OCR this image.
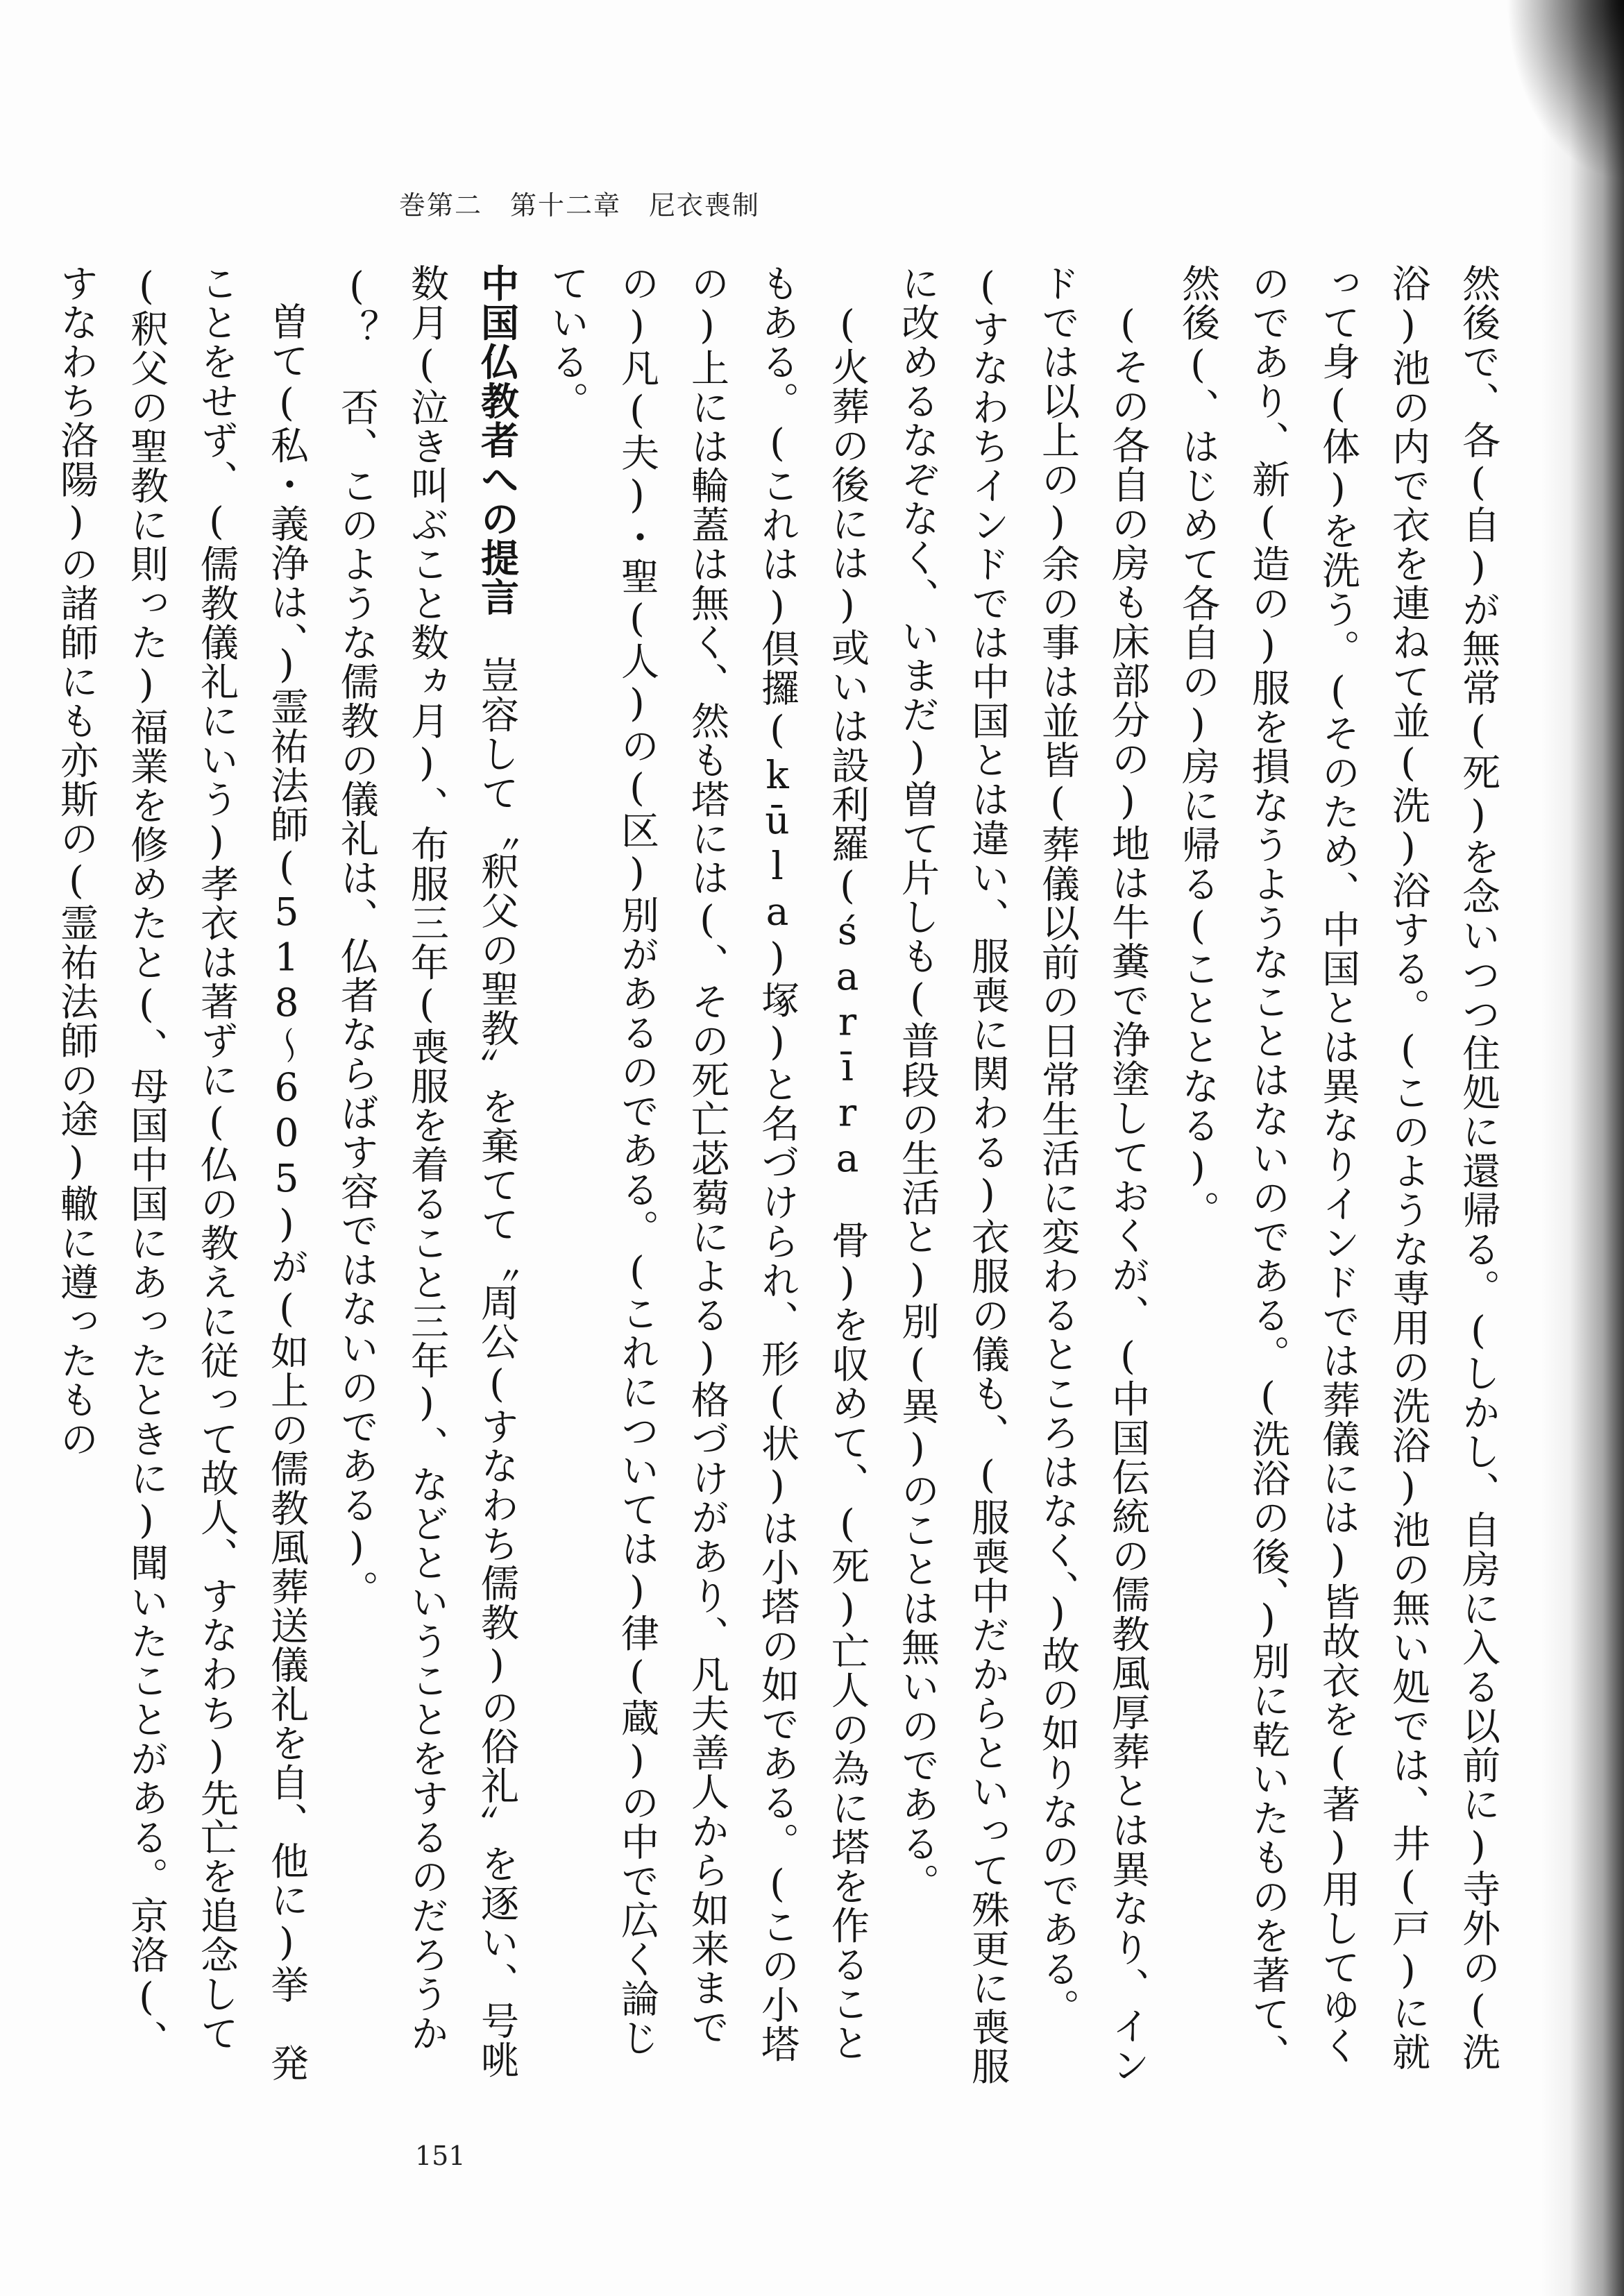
巻第二　第十二章　尼衣喪制

然後で、各(自)が無常(死)を念いつつ住処に還帰る。(しかし、自房に入る以前に)寺外の(洗浴)池の内で衣を連ねて並(洗)浴する。(このような専用の洗浴)池の無い処では、井(戸)に就って身(体)を洗う。(そのため、中国とは異なりインドでは葬儀には)皆故衣を(著)用してゆくのであり、新(造の)服を損なうようなことはないのである。(洗浴の後、)別に乾いたものを著て、然後(、はじめて各自の)房に帰る(こととなる)。

(その各自の房も床部分の)地は牛糞で浄塗しておくが、(中国伝統の儒教風厚葬とは異なり、インドでは以上の)余の事は並皆(葬儀以前の日常生活に変わるところはなく、)故の如りなのである。(すなわちインドでは中国とは違い、服喪に関わる)衣服の儀も、(服喪中だからといって殊更に喪服に改めるなぞなく、いまだ)曽て片しも(普段の生活と)別(異)のことは無いのである。

(火葬の後には)或いは設利羅(śarīra　骨)を収めて、(死)亡人の為に塔を作ることもある。(これは)倶攞(kūla)塚)と名づけられ、形(状)は小塔の如である。(この小塔の)上には輪蓋は無く、然も塔には(、その死亡苾蒭による)格づけがあり、凡夫善人から如来までの)凡(夫)・聖(人)の(区)別があるのである。(これについては)律(蔵)の中で広く論じている。

中国仏教者への提言　豈容して〝釈父の聖教〟を棄てて〝周公(すなわち儒教)の俗礼〟を逐い、号咷数月(泣き叫ぶこと数ヵ月)、布服三年(喪服を着ること三年)、などということをするのだろうか(？　否、このような儒教の儀礼は、仏者ならばす容ではないのである)。

曽て(私・義浄は、)霊祐法師(518～605)が(如上の儒教風葬送儀礼を自、他に)挙　発ことをせず、(儒教儀礼にいう)孝衣は著ずに(仏の教えに従って故人、すなわち)先亡を追念して(釈父の聖教に則った)福業を修めたと(、母国中国にあったときに)聞いたことがある。京洛(、すなわち洛陽)の諸師にも亦斯の(霊祐法師の途)轍に遵ったもの

151
